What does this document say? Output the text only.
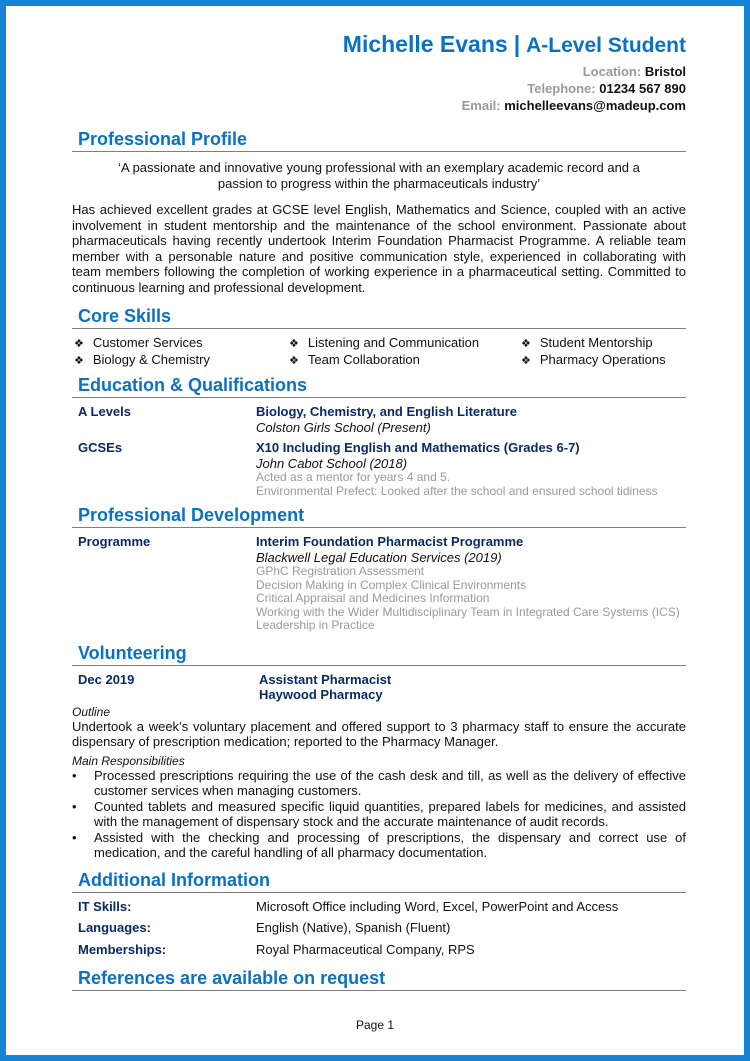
Michelle Evans | A-Level Student
Location: Bristol
Telephone: 01234 567 890
Email: michelleevans@madeup.com
Professional Profile
‘A passionate and innovative young professional with an exemplary academic record and a passion to progress within the pharmaceuticals industry’
Has achieved excellent grades at GCSE level English, Mathematics and Science, coupled with an active involvement in student mentorship and the maintenance of the school environment. Passionate about pharmaceuticals having recently undertook Interim Foundation Pharmacist Programme. A reliable team member with a personable nature and positive communication style, experienced in collaborating with team members following the completion of working experience in a pharmaceutical setting. Committed to continuous learning and professional development.
Core Skills
❖ Customer Services
❖ Biology & Chemistry
❖ Listening and Communication
❖ Team Collaboration
❖ Student Mentorship
❖ Pharmacy Operations
Education & Qualifications
A Levels	Biology, Chemistry, and English Literature
Colston Girls School (Present)
GCSEs	X10 Including English and Mathematics (Grades 6-7)
John Cabot School (2018)
Acted as a mentor for years 4 and 5.
Environmental Prefect: Looked after the school and ensured school tidiness
Professional Development
Programme	Interim Foundation Pharmacist Programme
Blackwell Legal Education Services (2019)
GPhC Registration Assessment
Decision Making in Complex Clinical Environments
Critical Appraisal and Medicines Information
Working with the Wider Multidisciplinary Team in Integrated Care Systems (ICS)
Leadership in Practice
Volunteering
Dec 2019	Assistant Pharmacist
Haywood Pharmacy
Outline
Undertook a week’s voluntary placement and offered support to 3 pharmacy staff to ensure the accurate dispensary of prescription medication; reported to the Pharmacy Manager.
Main Responsibilities
• Processed prescriptions requiring the use of the cash desk and till, as well as the delivery of effective customer services when managing customers.
• Counted tablets and measured specific liquid quantities, prepared labels for medicines, and assisted with the management of dispensary stock and the accurate maintenance of audit records.
• Assisted with the checking and processing of prescriptions, the dispensary and correct use of medication, and the careful handling of all pharmacy documentation.
Additional Information
IT Skills:	Microsoft Office including Word, Excel, PowerPoint and Access
Languages:	English (Native), Spanish (Fluent)
Memberships:	Royal Pharmaceutical Company, RPS
References are available on request
Page 1
